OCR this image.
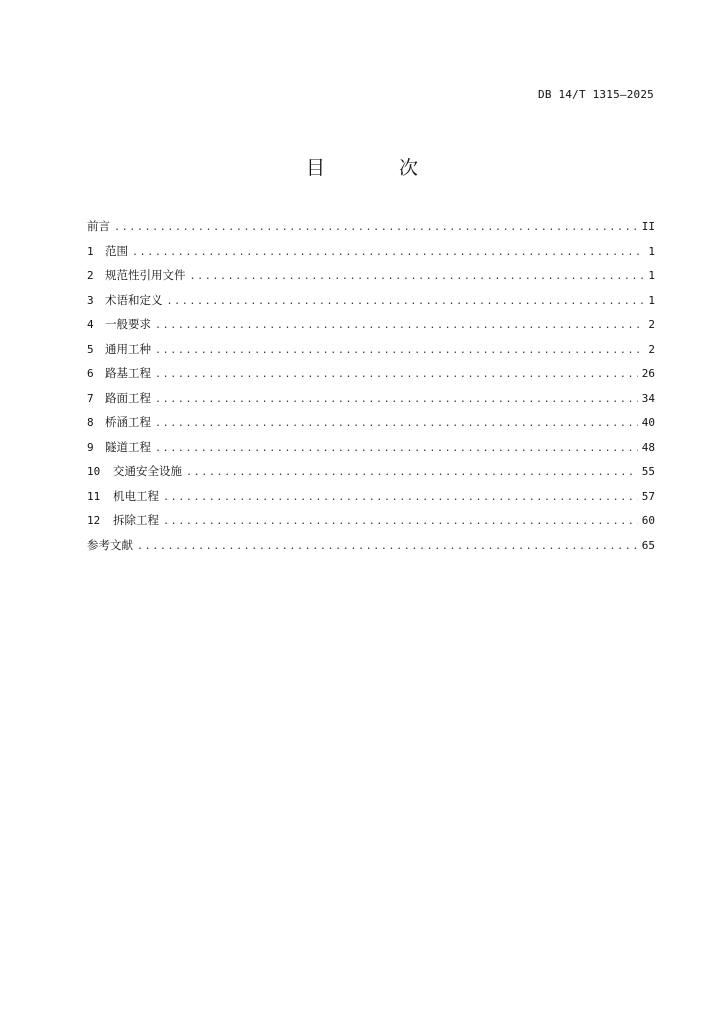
DB 14/T 1315—2025
目 次
前言 .....	II
1 范围 .....	1
2 规范性引用文件 .....	1
3 术语和定义 .....	1
4 一般要求 .....	2
5 通用工种 .....	2
6 路基工程 .....	26
7 路面工程 .....	34
8 桥涵工程 .....	40
9 隧道工程 .....	48
10	交通安全设施 .....	55
11	机电工程 .....	57
12	拆除工程 .....	60
参考文献 .....	65
